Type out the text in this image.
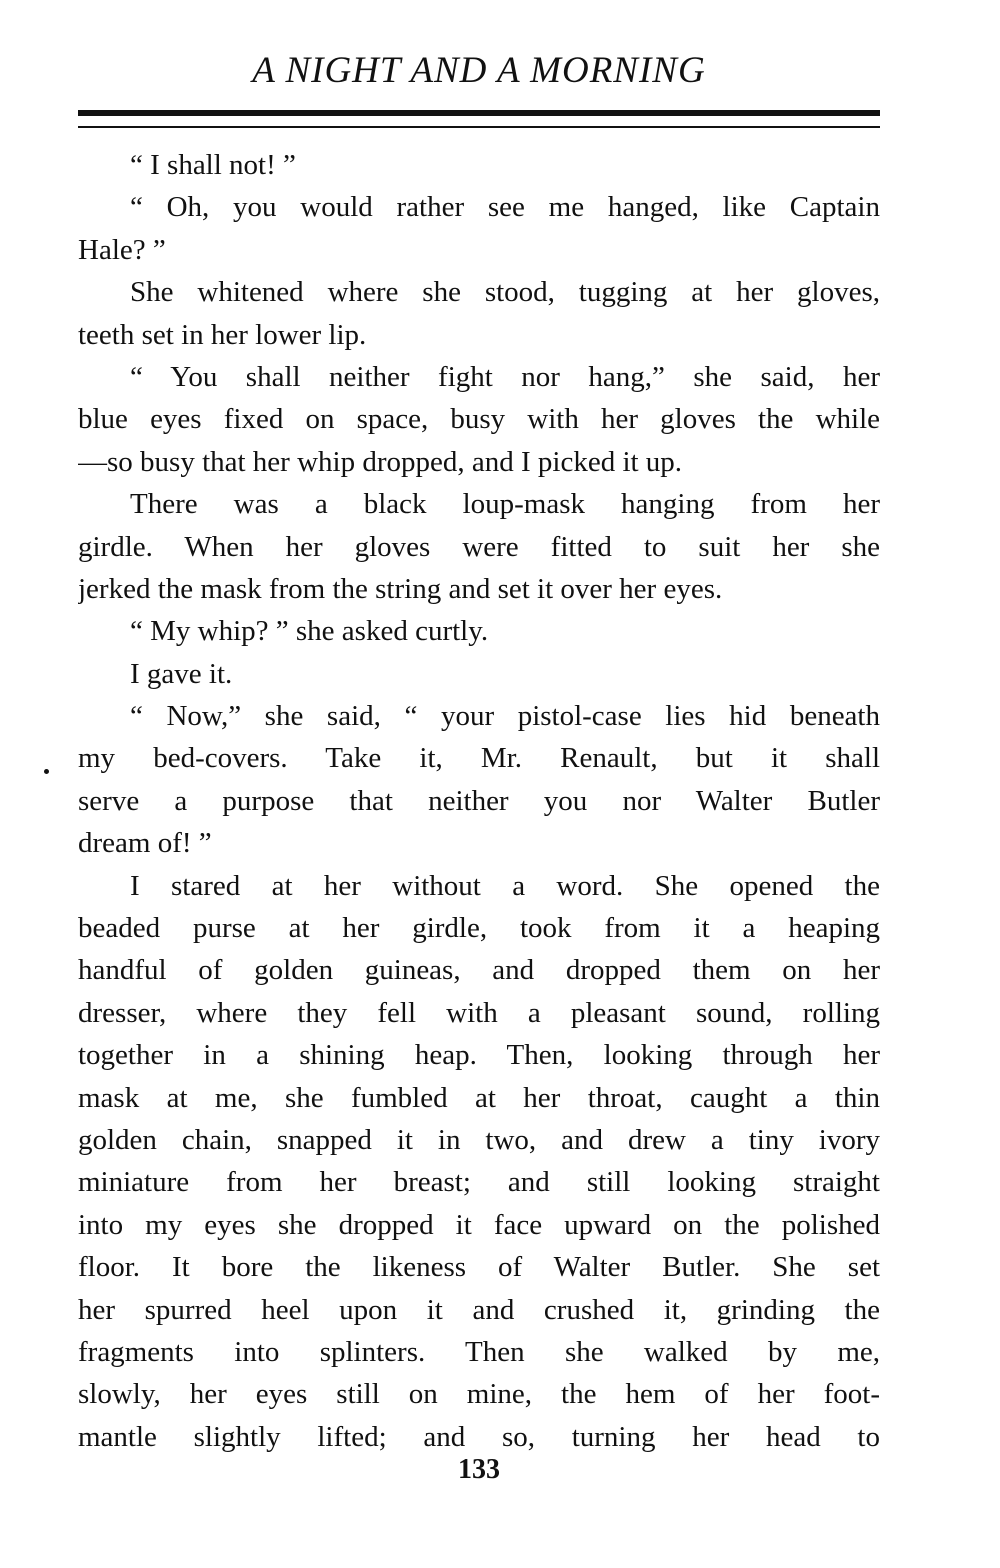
A NIGHT AND A MORNING
“ I shall not! ”
“ Oh, you would rather see me hanged, like Captain
Hale? ”
She whitened where she stood, tugging at her gloves,
teeth set in her lower lip.
“ You shall neither fight nor hang,” she said, her
blue eyes fixed on space, busy with her gloves the while
—so busy that her whip dropped, and I picked it up.
There was a black loup-mask hanging from her
girdle. When her gloves were fitted to suit her she
jerked the mask from the string and set it over her eyes.
“ My whip? ” she asked curtly.
I gave it.
“ Now,” she said, “ your pistol-case lies hid beneath
my bed-covers. Take it, Mr. Renault, but it shall
serve a purpose that neither you nor Walter Butler
dream of! ”
I stared at her without a word. She opened the
beaded purse at her girdle, took from it a heaping
handful of golden guineas, and dropped them on her
dresser, where they fell with a pleasant sound, rolling
together in a shining heap. Then, looking through her
mask at me, she fumbled at her throat, caught a thin
golden chain, snapped it in two, and drew a tiny ivory
miniature from her breast; and still looking straight
into my eyes she dropped it face upward on the polished
floor. It bore the likeness of Walter Butler. She set
her spurred heel upon it and crushed it, grinding the
fragments into splinters. Then she walked by me,
slowly, her eyes still on mine, the hem of her foot-
mantle slightly lifted; and so, turning her head to
133
